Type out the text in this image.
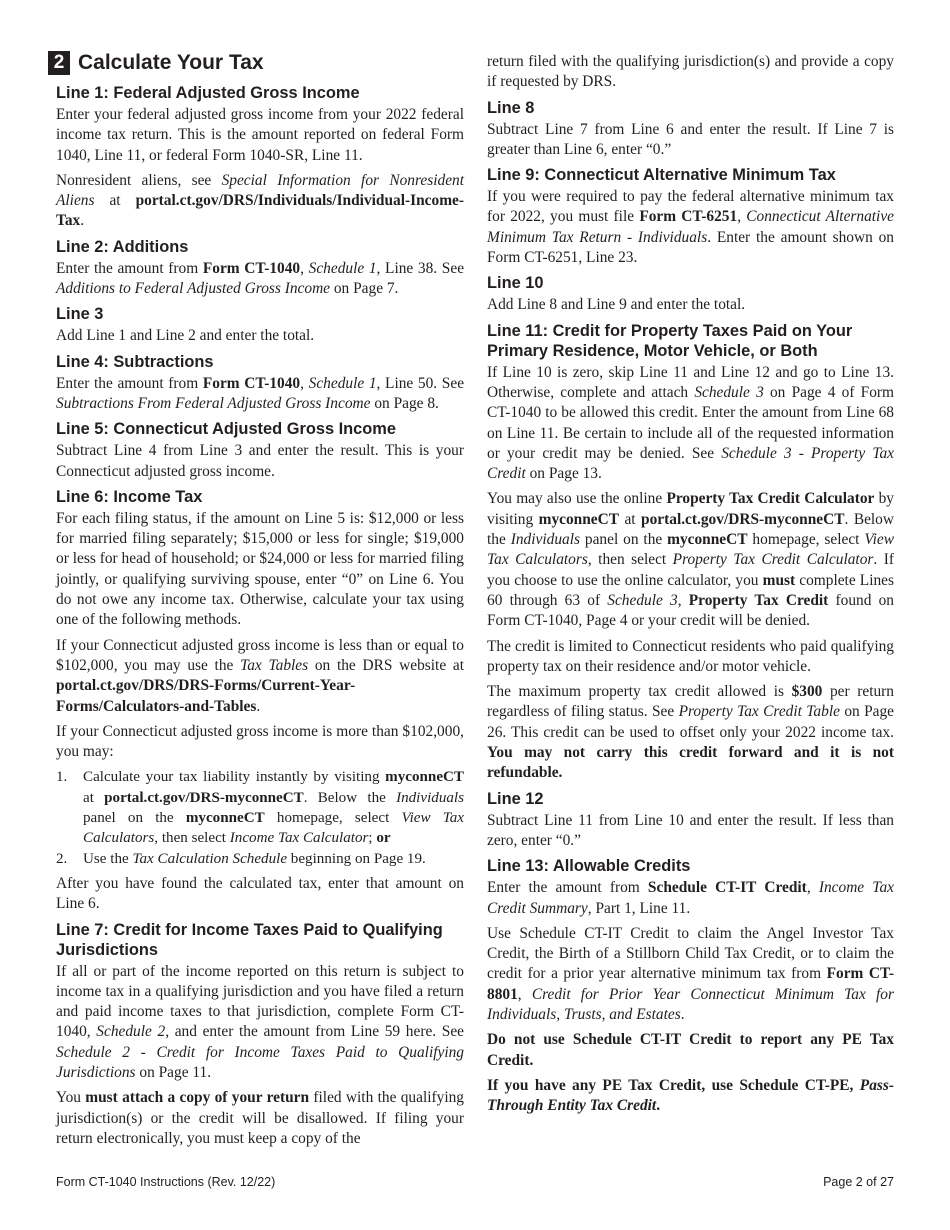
2 Calculate Your Tax
Line 1: Federal Adjusted Gross Income

Enter your federal adjusted gross income from your 2022 federal income tax return. This is the amount reported on federal Form 1040, Line 11, or federal Form 1040-SR, Line 11.

Nonresident aliens, see Special Information for Nonresident Aliens at portal.ct.gov/DRS/Individuals/Individual-Income-Tax.

Line 2: Additions

Enter the amount from Form CT-1040, Schedule 1, Line 38. See Additions to Federal Adjusted Gross Income on Page 7.

Line 3

Add Line 1 and Line 2 and enter the total.

Line 4: Subtractions

Enter the amount from Form CT-1040, Schedule 1, Line 50. See Subtractions From Federal Adjusted Gross Income on Page 8.

Line 5: Connecticut Adjusted Gross Income

Subtract Line 4 from Line 3 and enter the result. This is your Connecticut adjusted gross income.

Line 6: Income Tax

For each filing status, if the amount on Line 5 is: $12,000 or less for married filing separately; $15,000 or less for single; $19,000 or less for head of household; or $24,000 or less for married filing jointly, or qualifying surviving spouse, enter “0” on Line 6. You do not owe any income tax. Otherwise, calculate your tax using one of the following methods.

If your Connecticut adjusted gross income is less than or equal to $102,000, you may use the Tax Tables on the DRS website at portal.ct.gov/DRS/DRS-Forms/Current-Year-Forms/Calculators-and-Tables.

If your Connecticut adjusted gross income is more than $102,000, you may:

1.	Calculate your tax liability instantly by visiting myconneCT at portal.ct.gov/DRS-myconneCT. Below the Individuals panel on the myconneCT homepage, select View Tax Calculators, then select Income Tax Calculator; or
2.	Use the Tax Calculation Schedule beginning on Page 19.

After you have found the calculated tax, enter that amount on Line 6.

Line 7: Credit for Income Taxes Paid to Qualifying Jurisdictions

If all or part of the income reported on this return is subject to income tax in a qualifying jurisdiction and you have filed a return and paid income taxes to that jurisdiction, complete Form CT-1040, Schedule 2, and enter the amount from Line 59 here. See Schedule 2 - Credit for Income Taxes Paid to Qualifying Jurisdictions on Page 11.

You must attach a copy of your return filed with the qualifying jurisdiction(s) or the credit will be disallowed. If filing your return electronically, you must keep a copy of the

return filed with the qualifying jurisdiction(s) and provide a copy if requested by DRS.

Line 8

Subtract Line 7 from Line 6 and enter the result. If Line 7 is greater than Line 6, enter “0.”

Line 9: Connecticut Alternative Minimum Tax

If you were required to pay the federal alternative minimum tax for 2022, you must file Form CT-6251, Connecticut Alternative Minimum Tax Return - Individuals. Enter the amount shown on Form CT-6251, Line 23.

Line 10

Add Line 8 and Line 9 and enter the total.

Line 11: Credit for Property Taxes Paid on Your Primary Residence, Motor Vehicle, or Both

If Line 10 is zero, skip Line 11 and Line 12 and go to Line 13. Otherwise, complete and attach Schedule 3 on Page 4 of Form CT-1040 to be allowed this credit. Enter the amount from Line 68 on Line 11. Be certain to include all of the requested information or your credit may be denied. See Schedule 3 - Property Tax Credit on Page 13.

You may also use the online Property Tax Credit Calculator by visiting myconneCT at portal.ct.gov/DRS-myconneCT. Below the Individuals panel on the myconneCT homepage, select View Tax Calculators, then select Property Tax Credit Calculator. If you choose to use the online calculator, you must complete Lines 60 through 63 of Schedule 3, Property Tax Credit found on Form CT-1040, Page 4 or your credit will be denied.

The credit is limited to Connecticut residents who paid qualifying property tax on their residence and/or motor vehicle.

The maximum property tax credit allowed is $300 per return regardless of filing status. See Property Tax Credit Table on Page 26. This credit can be used to offset only your 2022 income tax. You may not carry this credit forward and it is not refundable.

Line 12

Subtract Line 11 from Line 10 and enter the result. If less than zero, enter “0.”

Line 13: Allowable Credits

Enter the amount from Schedule CT-IT Credit, Income Tax Credit Summary, Part 1, Line 11.

Use Schedule CT-IT Credit to claim the Angel Investor Tax Credit, the Birth of a Stillborn Child Tax Credit, or to claim the credit for a prior year alternative minimum tax from Form CT-8801, Credit for Prior Year Connecticut Minimum Tax for Individuals, Trusts, and Estates.

Do not use Schedule CT-IT Credit to report any PE Tax Credit.

If you have any PE Tax Credit, use Schedule CT-PE, Pass-Through Entity Tax Credit.

Form CT-1040 Instructions (Rev. 12/22)	Page 2 of 27
